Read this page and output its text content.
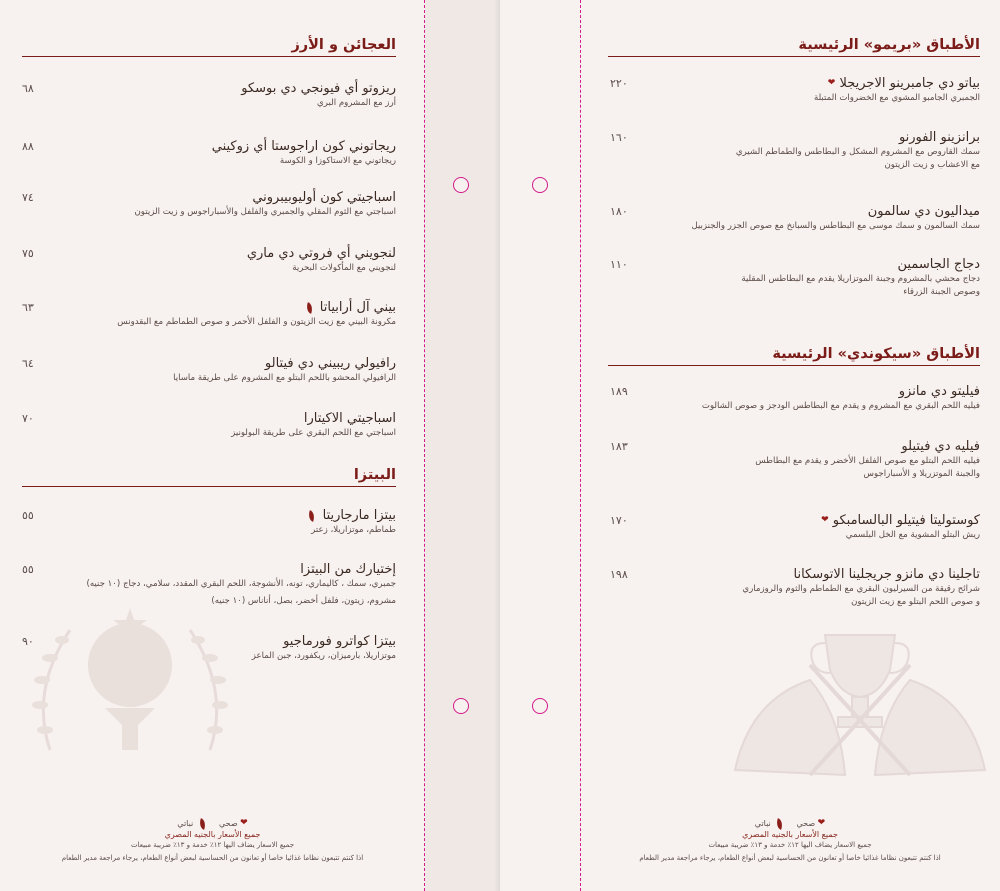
العجائن و الأرز
ريزوتو أي فيونجي دي بوسكو
أرز مع المشروم البري
٦٨
ريجاتوني كون اراجوستا أي زوكيني
ريجاتوني مع الاستاكوزا و الكوسة
٨٨
اسباجيتي كون أوليوبيبروني
اسباجتي مع الثوم المقلي والجمبري والفلفل والأسباراجوس و زيت الزيتون
٧٤
لنجويني أي فروتي دي ماري
لنجويني مع المأكولات البحرية
٧٥
بيني آل أرابياتا
مكرونة البيني مع زيت الزيتون و الفلفل الأحمر و صوص الطماطم مع البقدونس
٦٣
رافيولي ريبيني دي فيتالو
الرافيولي المحشو باللحم البتلو مع المشروم على طريقة ماسايا
٦٤
اسباجيتي الاكيتارا
اسباجتي مع اللحم البقري على طريقة البولونيز
٧٠
البيتزا
بيتزا مارجاريتا
طماطم، موتزاريلا، زعتر
٥٥
إختيارك من البيتزا
جمبري، سمك ، كاليماري، تونه، الأنشوجة، اللحم البقري المقدد، سلامي، دجاج (١٠ جنيه)
مشروم، زيتون، فلفل أخضر، بصل، أناناس (١٠ جنيه)
٥٥
بيتزا كواترو فورماجيو
موتزاريلا، بارميزان، ريكفورد، جبن الماعز
٩٠
❤ صحي     نباتي
جميع الأسعار بالجنيه المصري
جميع الاسعار يضاف اليها ١٢٪ خدمة و ١٣٪ ضريبة مبيعات
اذا كنتم تتبعون نظاما غذائيا خاصا أو تعانون من الحساسية لبعض أنواع الطعام، يرجاء مراجعة مدير الطعام
الأطباق «بريمو» الرئيسية
بياتو دي جامبرينو الاجريجلا ❤
الجمبري الجامبو المشوي مع الخضروات المتبلة
٢٢٠
برانزينو الفورنو
سمك القاروص مع المشروم المشكل و البطاطس والطماطم الشيري
مع الاعشاب و زيت الزيتون
١٦٠
ميداليون دي سالمون
سمك السالمون و سمك موسى مع البطاطس والسبانخ مع صوص الجزر والجنزبيل
١٨٠
دجاج الجاسمين
دجاج محشي بالمشروم وجبنة الموتزاريلا يقدم مع البطاطس المقلية
وصوص الجبنة الزرقاء
١١٠
الأطباق «سيكوندي» الرئيسية
فيليتو دي مانزو
فيليه اللحم البقري مع المشروم و يقدم مع البطاطس الودجز و صوص الشالوت
١٨٩
فيليه دي فيتيلو
فيليه اللحم البتلو مع صوص الفلفل الأخضر و يقدم مع البطاطس
والجبنة الموتزريلا و الأسباراجوس
١٨٣
كوستوليتا فيتيلو البالسامبكو ❤
ريش البتلو المشوية مع الخل البلسمي
١٧٠
تاجلينا دي مانزو جريجلينا الاتوسكانا
شرائح رقيقة من السيرليون البقري مع الطماطم والثوم والروزماري
و صوص اللحم البتلو مع زيت الزيتون
١٩٨
❤ صحي     نباتي
جميع الأسعار بالجنيه المصري
جميع الاسعار يضاف اليها ١٢٪ خدمة و ١٣٪ ضريبة مبيعات
اذا كنتم تتبعون نظاما غذائيا خاصا أو تعانون من الحساسية لبعض أنواع الطعام، يرجاء مراجعة مدير الطعام
